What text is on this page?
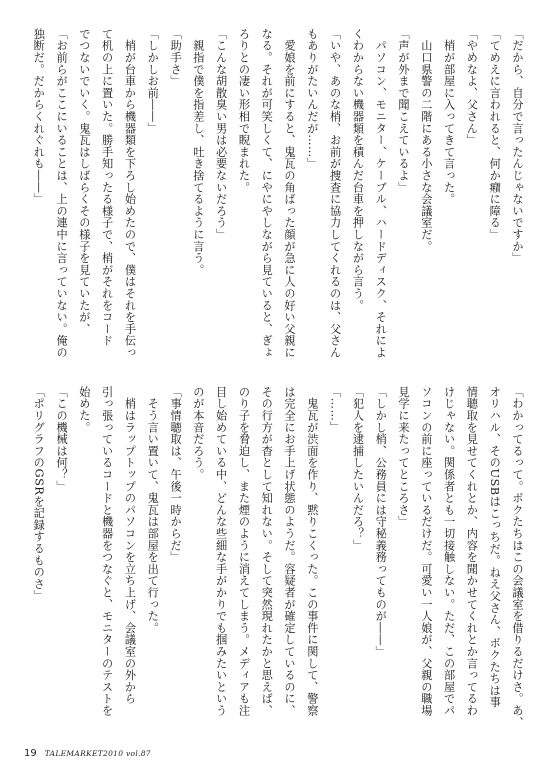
「だから、自分で言ったんじゃないですか」
「てめえに言われると、何か癪に障る」
「やめなよ、父さん」
　梢が部屋に入ってきて言った。
　山口県警の二階にある小さな会議室だ。
「声が外まで聞こえているよ」
　パソコン、モニター、ケーブル、ハードディスク、それによ
くわからない機器類を積んだ台車を押しながら言う。
「いや、あのな梢、お前が捜査に協力してくれるのは、父さん
もありがたいんだが……」
　愛娘を前にすると、鬼瓦の角ばった顔が急に人の好い父親に
なる。それが可笑しくて、にやにやしながら見ていると、ぎょ
ろりとの凄い形相で睨まれた。
「こんな胡散臭い男は必要ないだろう」
　親指で僕を指差し、吐き捨てるように言う。
「助手さ」
「しかしお前――」
　梢が台車から機器類を下ろし始めたので、僕はそれを手伝っ
て机の上に置いた。勝手知ったる様子で、梢がそれをコード
でつないでいく。鬼瓦はしばらくその様子を見ていたが、
「お前らがここにいることは、上の連中に言っていない。俺の
独断だ。だからくれぐれも――」
「わかってるって。ボクたちはこの会議室を借りるだけさ。あ、
オリハル、そのUSBはこっちだ。ねえ父さん、ボクたちは事
情聴取を見せてくれとか、内容を聞かせてくれとか言ってるわ
けじゃない。関係者とも一切接触しない。ただ、この部屋でパ
ソコンの前に座っているだけだ。可愛い一人娘が、父親の職場
見学に来たってところさ」
「しかし梢、公務員には守秘義務ってものが――」
「犯人を逮捕したいんだろ？」
「……」
　鬼瓦が渋面を作り、黙りこくった。この事件に関して、警察
は完全にお手上げ状態のようだ。容疑者が確定しているのに、
その行方が杳として知れない。そして突然現れたかと思えば、
のり子を脅迫し、また煙のように消えてしまう。メディアも注
目し始めている中、どんな些細な手がかりでも掴みたいという
のが本音だろう。
「事情聴取は、午後一時からだ」
　そう言い置いて、鬼瓦は部屋を出て行った。
　梢はラップトップのパソコンを立ち上げ、会議室の外から
引っ張っているコードと機器をつなぐと、モニターのテストを
始めた。
「この機械は何？」
「ポリグラフのGSRを記録するものさ」
19 TALEMARKET2010 vol.87
